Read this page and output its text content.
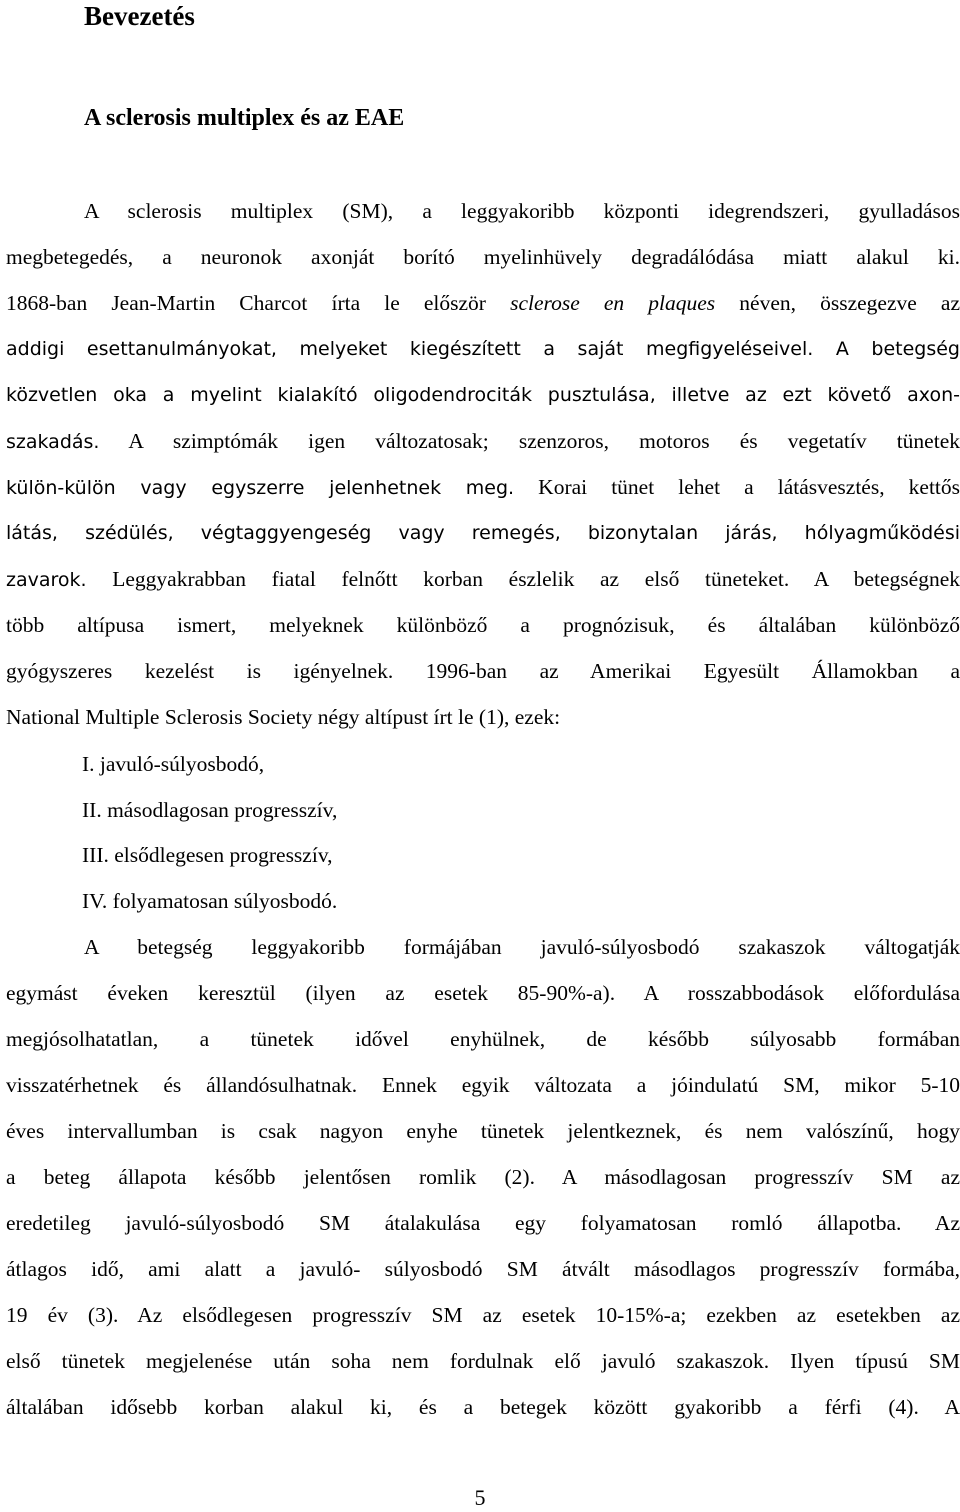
Bevezetés
A sclerosis multiplex és az EAE
A sclerosis multiplex (SM), a leggyakoribb központi idegrendszeri, gyulladásos
megbetegedés, a neuronok axonját borító myelinhüvely degradálódása miatt alakul ki.
1868-ban Jean-Martin Charcot írta le először sclerose en plaques néven, összegezve az
addigi esettanulmányokat, melyeket kiegészített a saját megfigyeléseivel. A betegség
közvetlen oka a myelint kialakító oligodendrociták pusztulása, illetve az ezt követő axon-
szakadás. A szimptómák igen változatosak; szenzoros, motoros és vegetatív tünetek
külön-külön vagy egyszerre jelenhetnek meg. Korai tünet lehet a látásvesztés, kettős
látás, szédülés, végtaggyengeség vagy remegés, bizonytalan járás, hólyagműködési
zavarok. Leggyakrabban fiatal felnőtt korban észlelik az első tüneteket. A betegségnek
több altípusa ismert, melyeknek különböző a prognózisuk, és általában különböző
gyógyszeres kezelést is igényelnek. 1996-ban az Amerikai Egyesült Államokban a
National Multiple Sclerosis Society négy altípust írt le (1), ezek:
I. javuló-súlyosbodó,
II. másodlagosan progresszív,
III. elsődlegesen progresszív,
IV. folyamatosan súlyosbodó.
A betegség leggyakoribb formájában javuló-súlyosbodó szakaszok váltogatják
egymást éveken keresztül (ilyen az esetek 85-90%-a). A rosszabbodások előfordulása
megjósolhatatlan, a tünetek idővel enyhülnek, de később súlyosabb formában
visszatérhetnek és állandósulhatnak. Ennek egyik változata a jóindulatú SM, mikor 5-10
éves intervallumban is csak nagyon enyhe tünetek jelentkeznek, és nem valószínű, hogy
a beteg állapota később jelentősen romlik (2). A másodlagosan progresszív SM az
eredetileg javuló-súlyosbodó SM átalakulása egy folyamatosan romló állapotba. Az
átlagos idő, ami alatt a javuló- súlyosbodó SM átvált másodlagos progresszív formába,
19 év (3). Az elsődlegesen progresszív SM az esetek 10-15%-a; ezekben az esetekben az
első tünetek megjelenése után soha nem fordulnak elő javuló szakaszok. Ilyen típusú SM
általában idősebb korban alakul ki, és a betegek között gyakoribb a férfi (4). A
5
